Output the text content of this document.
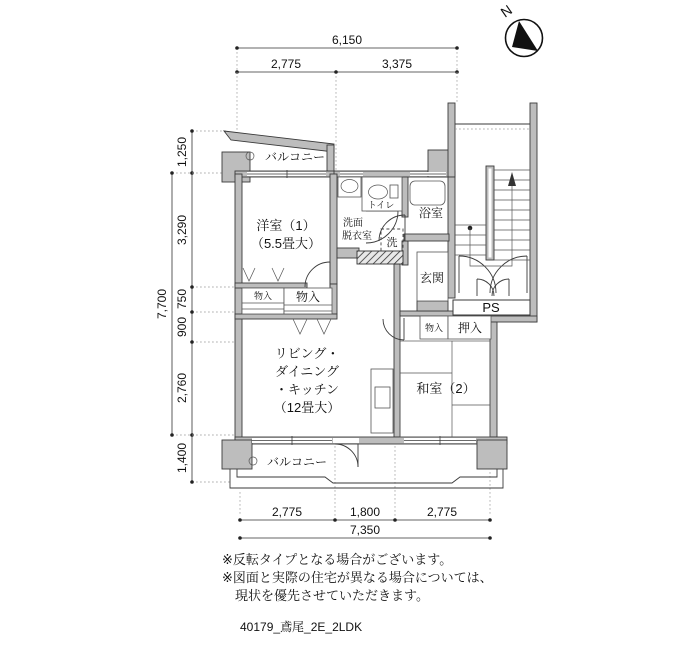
N
6,150
2,775	3,375
7,700
1,250
3,290
750
900
2,760
1,400
2,775	1,800	2,775
7,350
バルコニー
洋室（1）
（5.5畳大）
洗面
脱衣室
トイレ
浴室
洗
玄関
PS
物入 物入
物入 押入
リビング・
ダイニング
・キッチン
（12畳大）
和室（2）
バルコニー
※反転タイプとなる場合がございます。
※図面と実際の住宅が異なる場合については、
現状を優先させていただきます。
40179_鳶尾_2E_2LDK
